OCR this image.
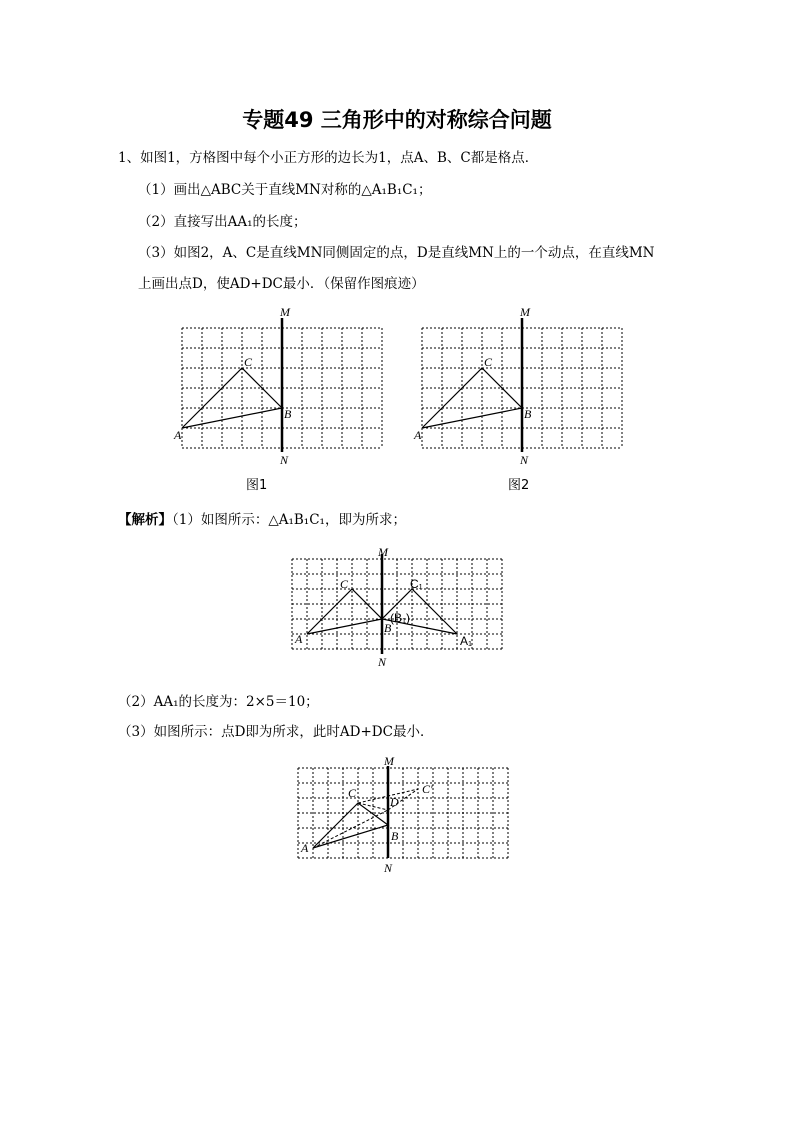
专题49 三角形中的对称综合问题
1、如图1，方格图中每个小正方形的边长为1，点A、B、C都是格点．
（1）画出△ABC关于直线MN对称的△A₁B₁C₁；
（2）直接写出AA₁的长度；
（3）如图2，A、C是直线MN同侧固定的点，D是直线MN上的一个动点，在直线MN
上画出点D，使AD+DC最小．（保留作图痕迹）
M
N
A
B
C
图1
M
N
A
B
C
图2
【解析】（1）如图所示：△A₁B₁C₁，即为所求；
M
N
A
B
C
A₁
(B₁)
C₁
（2）AA₁的长度为：2×5＝10；
（3）如图所示：点D即为所求，此时AD+DC最小．
M
N
A
B
C
D
C'
